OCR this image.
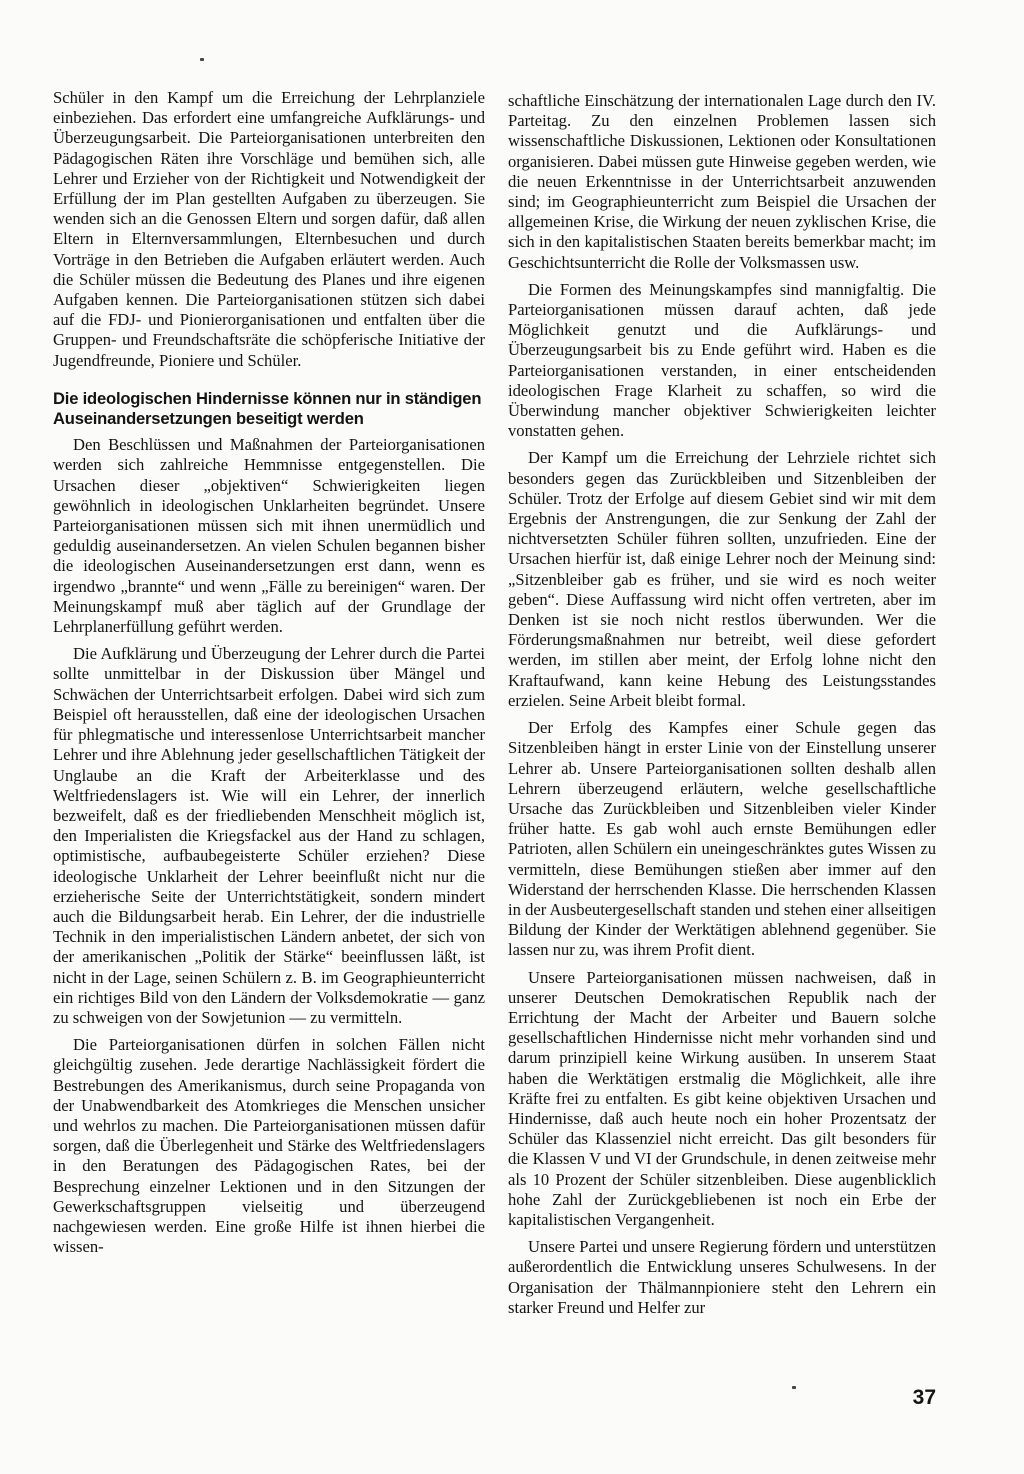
Schüler in den Kampf um die Erreichung der Lehrplanziele einbeziehen. Das erfordert eine umfangreiche Aufklärungs- und Überzeugungsarbeit. Die Parteiorganisationen unterbreiten den Pädagogischen Räten ihre Vorschläge und bemühen sich, alle Lehrer und Erzieher von der Richtigkeit und Notwendigkeit der Erfüllung der im Plan gestellten Aufgaben zu überzeugen. Sie wenden sich an die Genossen Eltern und sorgen dafür, daß allen Eltern in Elternversammlungen, Elternbesuchen und durch Vorträge in den Betrieben die Aufgaben erläutert werden. Auch die Schüler müssen die Bedeutung des Planes und ihre eigenen Aufgaben kennen. Die Parteiorganisationen stützen sich dabei auf die FDJ- und Pionierorganisationen und entfalten über die Gruppen- und Freundschaftsräte die schöpferische Initiative der Jugendfreunde, Pioniere und Schüler.

Die ideologischen Hindernisse können nur in ständigen Auseinandersetzungen beseitigt werden

Den Beschlüssen und Maßnahmen der Parteiorganisationen werden sich zahlreiche Hemmnisse entgegenstellen. Die Ursachen dieser „objektiven“ Schwierigkeiten liegen gewöhnlich in ideologischen Unklarheiten begründet. Unsere Parteiorganisationen müssen sich mit ihnen unermüdlich und geduldig auseinandersetzen. An vielen Schulen begannen bisher die ideologischen Auseinandersetzungen erst dann, wenn es irgendwo „brannte“ und wenn „Fälle zu bereinigen“ waren. Der Meinungskampf muß aber täglich auf der Grundlage der Lehrplanerfüllung geführt werden.

Die Aufklärung und Überzeugung der Lehrer durch die Partei sollte unmittelbar in der Diskussion über Mängel und Schwächen der Unterrichtsarbeit erfolgen. Dabei wird sich zum Beispiel oft herausstellen, daß eine der ideologischen Ursachen für phlegmatische und interessenlose Unterrichtsarbeit mancher Lehrer und ihre Ablehnung jeder gesellschaftlichen Tätigkeit der Unglaube an die Kraft der Arbeiterklasse und des Weltfriedenslagers ist. Wie will ein Lehrer, der innerlich bezweifelt, daß es der friedliebenden Menschheit möglich ist, den Imperialisten die Kriegsfackel aus der Hand zu schlagen, optimistische, aufbaubegeisterte Schüler erziehen? Diese ideologische Unklarheit der Lehrer beeinflußt nicht nur die erzieherische Seite der Unterrichtstätigkeit, sondern mindert auch die Bildungsarbeit herab. Ein Lehrer, der die industrielle Technik in den imperialistischen Ländern anbetet, der sich von der amerikanischen „Politik der Stärke“ beeinflussen läßt, ist nicht in der Lage, seinen Schülern z. B. im Geographieunterricht ein richtiges Bild von den Ländern der Volksdemokratie — ganz zu schweigen von der Sowjetunion — zu vermitteln.

Die Parteiorganisationen dürfen in solchen Fällen nicht gleichgültig zusehen. Jede derartige Nachlässigkeit fördert die Bestrebungen des Amerikanismus, durch seine Propaganda von der Unabwendbarkeit des Atomkrieges die Menschen unsicher und wehrlos zu machen. Die Parteiorganisationen müssen dafür sorgen, daß die Überlegenheit und Stärke des Weltfriedenslagers in den Beratungen des Pädagogischen Rates, bei der Besprechung einzelner Lektionen und in den Sitzungen der Gewerkschaftsgruppen vielseitig und überzeugend nachgewiesen werden. Eine große Hilfe ist ihnen hierbei die wissen-

schaftliche Einschätzung der internationalen Lage durch den IV. Parteitag. Zu den einzelnen Problemen lassen sich wissenschaftliche Diskussionen, Lektionen oder Konsultationen organisieren. Dabei müssen gute Hinweise gegeben werden, wie die neuen Erkenntnisse in der Unterrichtsarbeit anzuwenden sind; im Geographieunterricht zum Beispiel die Ursachen der allgemeinen Krise, die Wirkung der neuen zyklischen Krise, die sich in den kapitalistischen Staaten bereits bemerkbar macht; im Geschichtsunterricht die Rolle der Volksmassen usw.

Die Formen des Meinungskampfes sind mannigfaltig. Die Parteiorganisationen müssen darauf achten, daß jede Möglichkeit genutzt und die Aufklärungs- und Überzeugungsarbeit bis zu Ende geführt wird. Haben es die Parteiorganisationen verstanden, in einer entscheidenden ideologischen Frage Klarheit zu schaffen, so wird die Überwindung mancher objektiver Schwierigkeiten leichter vonstatten gehen.

Der Kampf um die Erreichung der Lehrziele richtet sich besonders gegen das Zurückbleiben und Sitzenbleiben der Schüler. Trotz der Erfolge auf diesem Gebiet sind wir mit dem Ergebnis der Anstrengungen, die zur Senkung der Zahl der nichtversetzten Schüler führen sollten, unzufrieden. Eine der Ursachen hierfür ist, daß einige Lehrer noch der Meinung sind: „Sitzenbleiber gab es früher, und sie wird es noch weiter geben“. Diese Auffassung wird nicht offen vertreten, aber im Denken ist sie noch nicht restlos überwunden. Wer die Förderungsmaßnahmen nur betreibt, weil diese gefordert werden, im stillen aber meint, der Erfolg lohne nicht den Kraftaufwand, kann keine Hebung des Leistungsstandes erzielen. Seine Arbeit bleibt formal.

Der Erfolg des Kampfes einer Schule gegen das Sitzenbleiben hängt in erster Linie von der Einstellung unserer Lehrer ab. Unsere Parteiorganisationen sollten deshalb allen Lehrern überzeugend erläutern, welche gesellschaftliche Ursache das Zurückbleiben und Sitzenbleiben vieler Kinder früher hatte. Es gab wohl auch ernste Bemühungen edler Patrioten, allen Schülern ein uneingeschränktes gutes Wissen zu vermitteln, diese Bemühungen stießen aber immer auf den Widerstand der herrschenden Klasse. Die herrschenden Klassen in der Ausbeutergesellschaft standen und stehen einer allseitigen Bildung der Kinder der Werktätigen ablehnend gegenüber. Sie lassen nur zu, was ihrem Profit dient.

Unsere Parteiorganisationen müssen nachweisen, daß in unserer Deutschen Demokratischen Republik nach der Errichtung der Macht der Arbeiter und Bauern solche gesellschaftlichen Hindernisse nicht mehr vorhanden sind und darum prinzipiell keine Wirkung ausüben. In unserem Staat haben die Werktätigen erstmalig die Möglichkeit, alle ihre Kräfte frei zu entfalten. Es gibt keine objektiven Ursachen und Hindernisse, daß auch heute noch ein hoher Prozentsatz der Schüler das Klassenziel nicht erreicht. Das gilt besonders für die Klassen V und VI der Grundschule, in denen zeitweise mehr als 10 Prozent der Schüler sitzenbleiben. Diese augenblicklich hohe Zahl der Zurückgebliebenen ist noch ein Erbe der kapitalistischen Vergangenheit.

Unsere Partei und unsere Regierung fördern und unterstützen außerordentlich die Entwicklung unseres Schulwesens. In der Organisation der Thälmannpioniere steht den Lehrern ein starker Freund und Helfer zur

37
